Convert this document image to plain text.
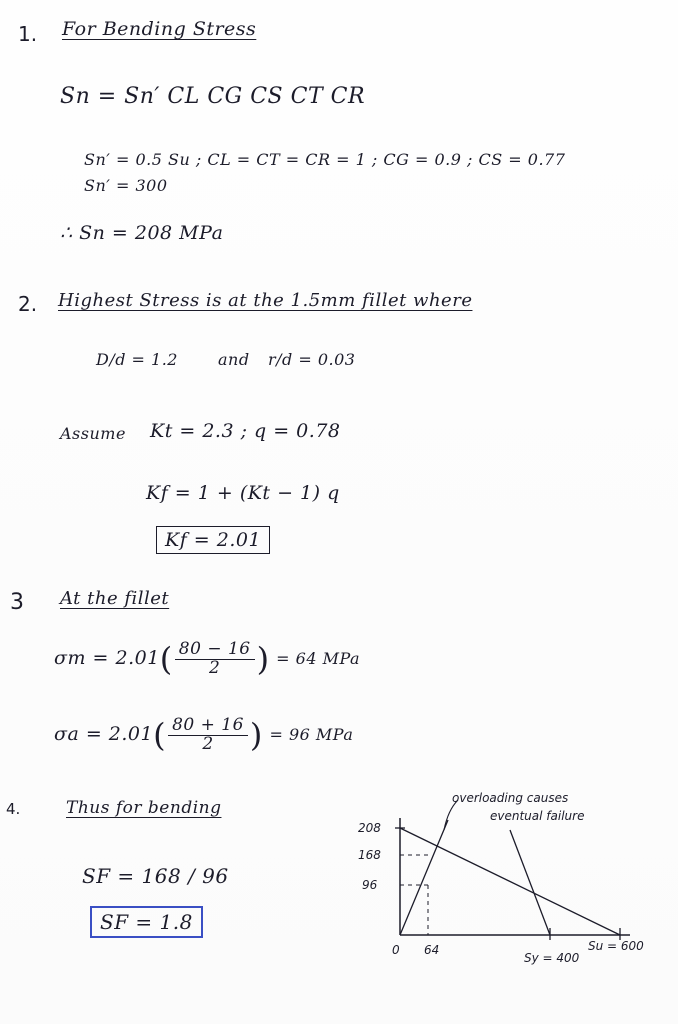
1. For Bending Stress
Sn = Sn′ CL CG CS CT CR
Sn′ = 0.5 Su ; CL = CT = CR = 1 ; CG = 0.9 ; CS = 0.77
Sn′ = 300
∴ Sn = 208 MPa
2. Highest Stress is at the 1.5mm fillet where
D/d = 1.2	and r/d = 0.03
Assume Kt = 2.3 ; q = 0.78
Kf = 1 + (Kt − 1) q
Kf = 2.01
3 At the fillet
$\sigma m = 2.01( \frac{80 - 16}{2}$ ) = 64 MPa
$\sigma a = 2.01( \frac{80 + 16}{2}$ ) = 96 MPa
4.	Thus for bending
SF = 168 / 96
SF = 1.8
overloading causes
eventual failure
208
168
96
0 64
Sy = 400
Su = 600
